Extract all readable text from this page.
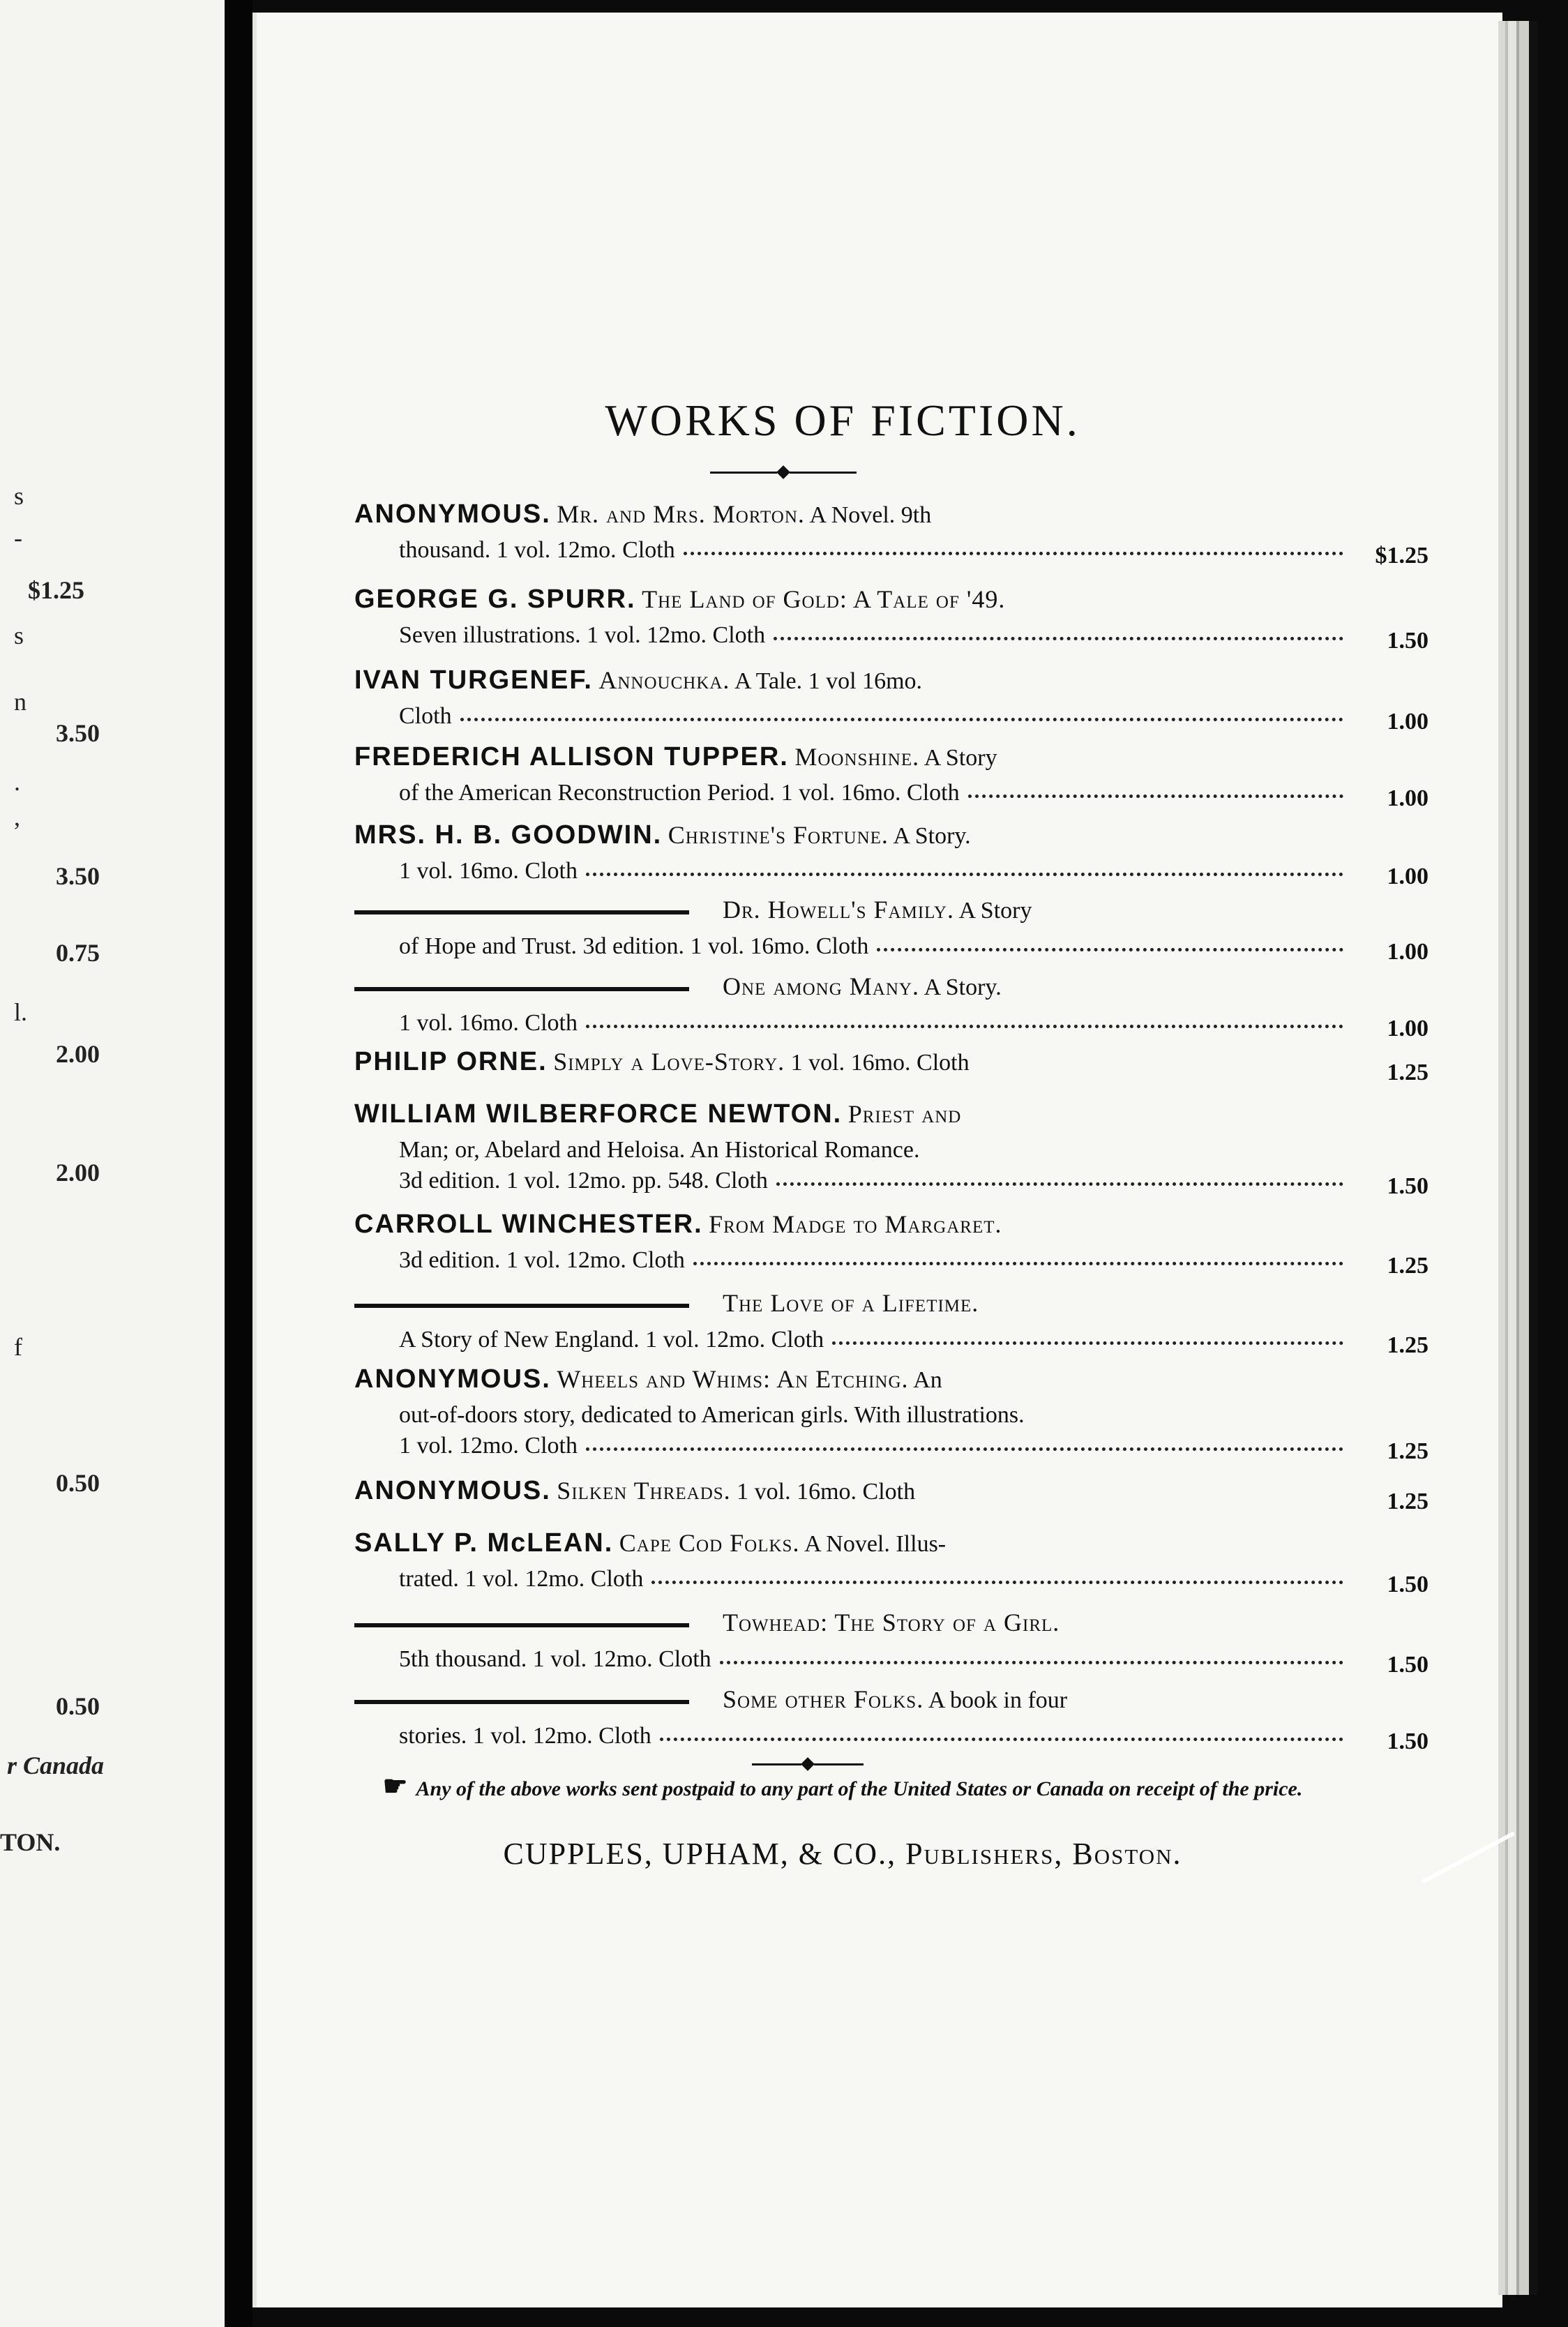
s
-
$1.25
s
n
3.50
.
,
3.50
0.75
l.
2.00
2.00
f
0.50
0.50
r Canada
TON.
WORKS OF FICTION.
ANONYMOUS. Mr. and Mrs. Morton. A Novel. 9th
thousand. 1 vol. 12mo. Cloth	$1.25
GEORGE G. SPURR. The Land of Gold: A Tale of '49.
Seven illustrations. 1 vol. 12mo. Cloth	1.50
IVAN TURGENEF. Annouchka. A Tale. 1 vol 16mo.
Cloth	1.00
FREDERICH ALLISON TUPPER. Moonshine. A Story
of the American Reconstruction Period. 1 vol. 16mo. Cloth	1.00
MRS. H. B. GOODWIN. Christine's Fortune. A Story.
1 vol. 16mo. Cloth	1.00
Dr. Howell's Family. A Story
of Hope and Trust. 3d edition. 1 vol. 16mo. Cloth	1.00
One among Many. A Story.
1 vol. 16mo. Cloth	1.00
PHILIP ORNE. Simply a Love-Story. 1 vol. 16mo. Cloth	1.25
WILLIAM WILBERFORCE NEWTON. Priest and
Man; or, Abelard and Heloisa. An Historical Romance.
3d edition. 1 vol. 12mo. pp. 548. Cloth	1.50
CARROLL WINCHESTER. From Madge to Margaret.
3d edition. 1 vol. 12mo. Cloth	1.25
The Love of a Lifetime.
A Story of New England. 1 vol. 12mo. Cloth	1.25
ANONYMOUS. Wheels and Whims: An Etching. An
out-of-doors story, dedicated to American girls. With illustrations.
1 vol. 12mo. Cloth	1.25
ANONYMOUS. Silken Threads. 1 vol. 16mo. Cloth	1.25
SALLY P. McLEAN. Cape Cod Folks. A Novel. Illus-
trated. 1 vol. 12mo. Cloth	1.50
Towhead: The Story of a Girl.
5th thousand. 1 vol. 12mo. Cloth	1.50
Some other Folks. A book in four
stories. 1 vol. 12mo. Cloth	1.50
☛ Any of the above works sent postpaid to any part of the United States or Canada on receipt of the price.
CUPPLES, UPHAM, & CO., Publishers, Boston.
